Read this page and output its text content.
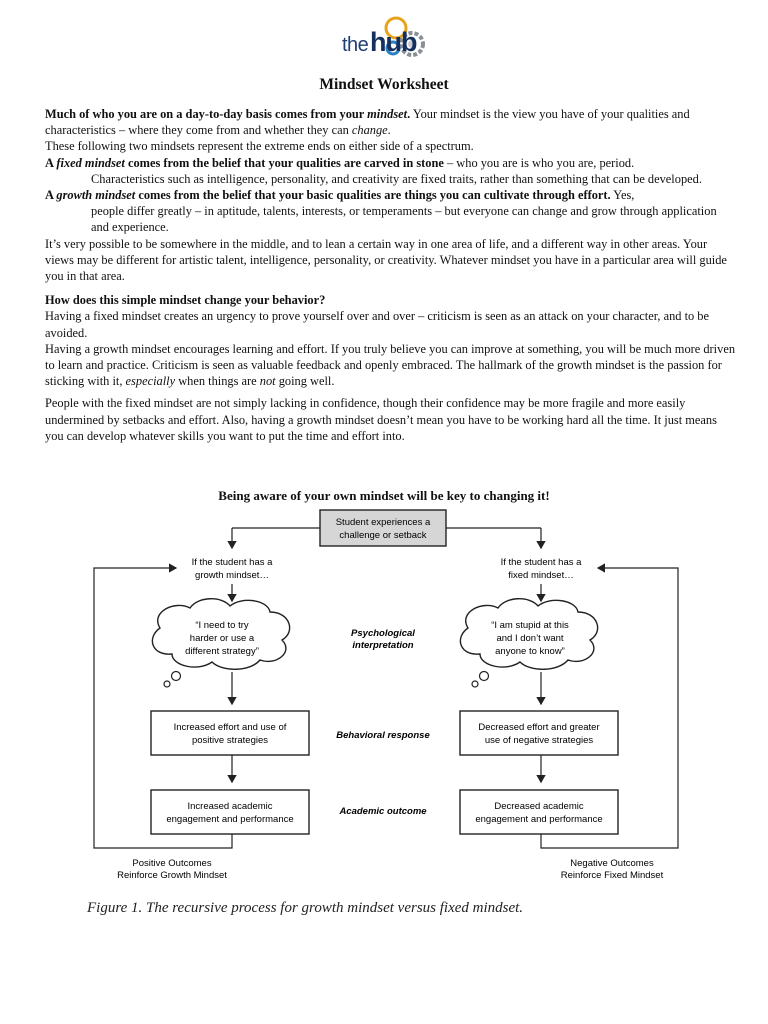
the hub
Mindset Worksheet

Much of who you are on a day-to-day basis comes from your mindset. Your mindset is the view you have of your qualities and characteristics – where they come from and whether they can change.

These following two mindsets represent the extreme ends on either side of a spectrum.

A fixed mindset comes from the belief that your qualities are carved in stone – who you are is who you are, period.

Characteristics such as intelligence, personality, and creativity are fixed traits, rather than something that can be developed.

A growth mindset comes from the belief that your basic qualities are things you can cultivate through effort. Yes,

people differ greatly – in aptitude, talents, interests, or temperaments – but everyone can change and grow through application and experience.

It’s very possible to be somewhere in the middle, and to lean a certain way in one area of life, and a different way in other areas. Your views may be different for artistic talent, intelligence, personality, or creativity. Whatever mindset you have in a particular area will guide you in that area.

How does this simple mindset change your behavior?

Having a fixed mindset creates an urgency to prove yourself over and over – criticism is seen as an attack on your character, and to be avoided.

Having a growth mindset encourages learning and effort. If you truly believe you can improve at something, you will be much more driven to learn and practice. Criticism is seen as valuable feedback and openly embraced. The hallmark of the growth mindset is the passion for sticking with it, especially when things are not going well.

People with the fixed mindset are not simply lacking in confidence, though their confidence may be more fragile and more easily undermined by setbacks and effort. Also, having a growth mindset doesn’t mean you have to be working hard all the time. It just means you can develop whatever skills you want to put the time and effort into.

Being aware of your own mindset will be key to changing it!
Student experiences a
challenge or setback
If the student has a
growth mindset…
If the student has a
fixed mindset…
“I need to try
harder or use a
different strategy”
“I am stupid at this
and I don’t want
anyone to know”
Psychological
interpretation
Behavioral response
Academic outcome
Increased effort and use of
positive strategies
Decreased effort and greater
use of negative strategies
Increased academic
engagement and performance
Decreased academic
engagement and performance
Positive Outcomes
Reinforce Growth Mindset
Negative Outcomes
Reinforce Fixed Mindset
Figure 1. The recursive process for growth mindset versus fixed mindset.
